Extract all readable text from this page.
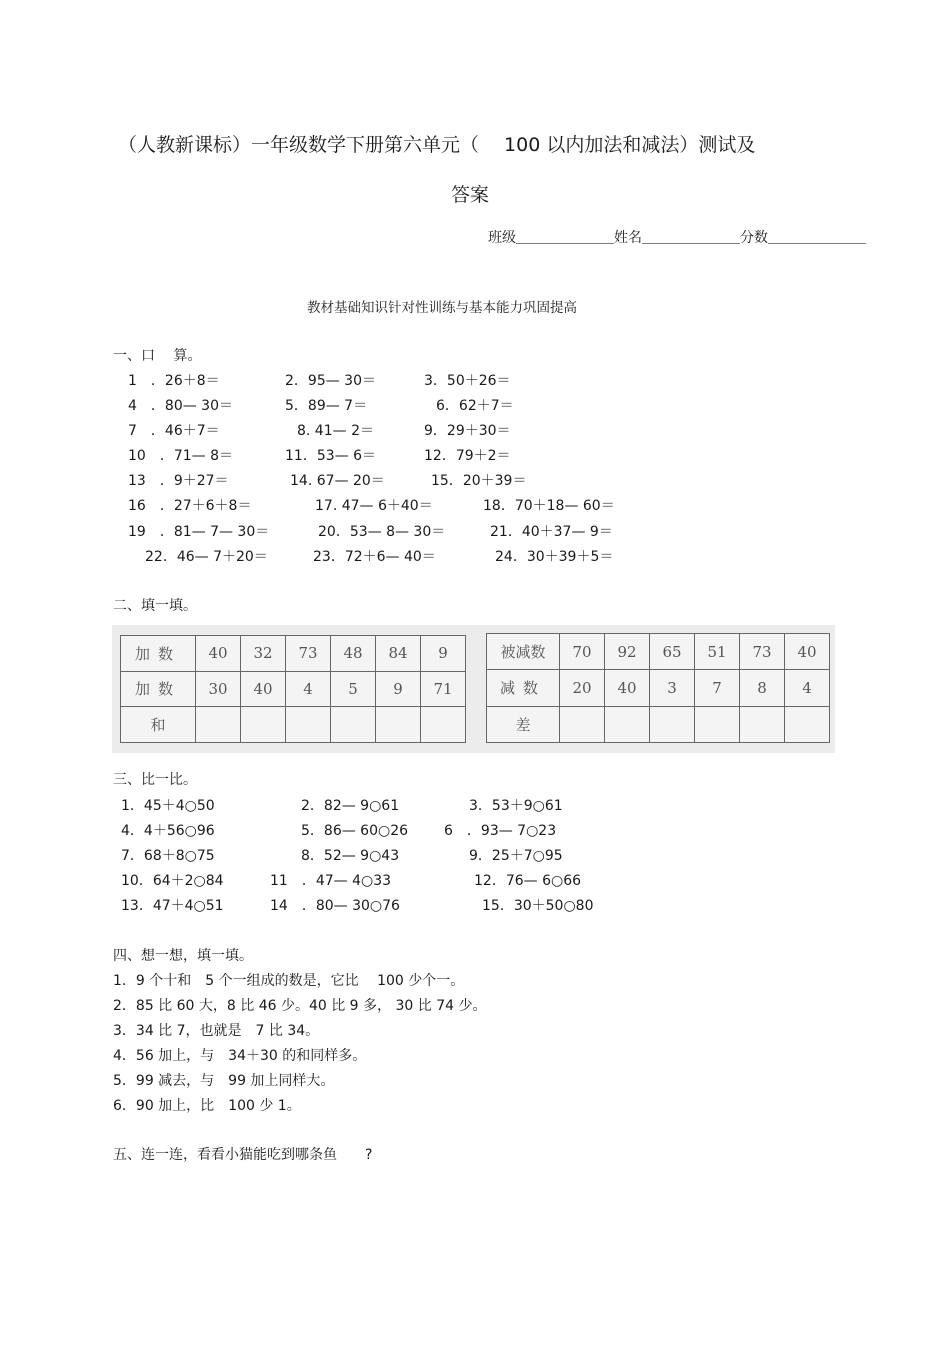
（人教新课标）一年级数学下册第六单元（　 100 以内加法和减法）测试及
答案
班级＿＿＿＿＿＿＿姓名＿＿＿＿＿＿＿分数＿＿＿＿＿＿＿
教材基础知识针对性训练与基本能力巩固提高
一、口　 算。
1　．26＋8＝	2．95— 30＝	3．50＋26＝
4　．80— 30＝	5．89— 7＝	6．62＋7＝
7　．46＋7＝	8. 41— 2＝	9．29＋30＝
10　．71— 8＝	11．53— 6＝	12．79＋2＝
13　．9＋27＝	14. 67— 20＝	15．20＋39＝
16　．27＋6＋8＝	17. 47— 6＋40＝	18．70＋18— 60＝
19　．81— 7— 30＝	20．53— 8— 30＝	21．40＋37— 9＝
22．46— 7＋20＝	23．72＋6— 40＝	24．30＋39＋5＝
二、填一填。
加数	40	32	73	48	84	9
加数	30	40	4	5	9	71
和						
被减数	70	92	65	51	73	40
减数	20	40	3	7	8	4
差						
三、比一比。
1．45＋4○50	2．82— 9○61	3．53＋9○61
4．4＋56○96	5．86— 60○26	6　．93— 7○23
7．68＋8○75	8．52— 9○43	9．25＋7○95
10．64＋2○84	11　．47— 4○33	12．76— 6○66
13．47＋4○51	14　．80— 30○76	15．30＋50○80
四、想一想，填一填。
1．9 个十和　5 个一组成的数是，它比　 100 少个一。
2．85 比 60 大，8 比 46 少。40 比 9 多， 30 比 74 少。
3．34 比 7，也就是　7 比 34。
4．56 加上，与　34＋30 的和同样多。
5．99 减去，与　99 加上同样大。
6．90 加上，比　100 少 1。
五、连一连，看看小猫能吃到哪条鱼　　?
